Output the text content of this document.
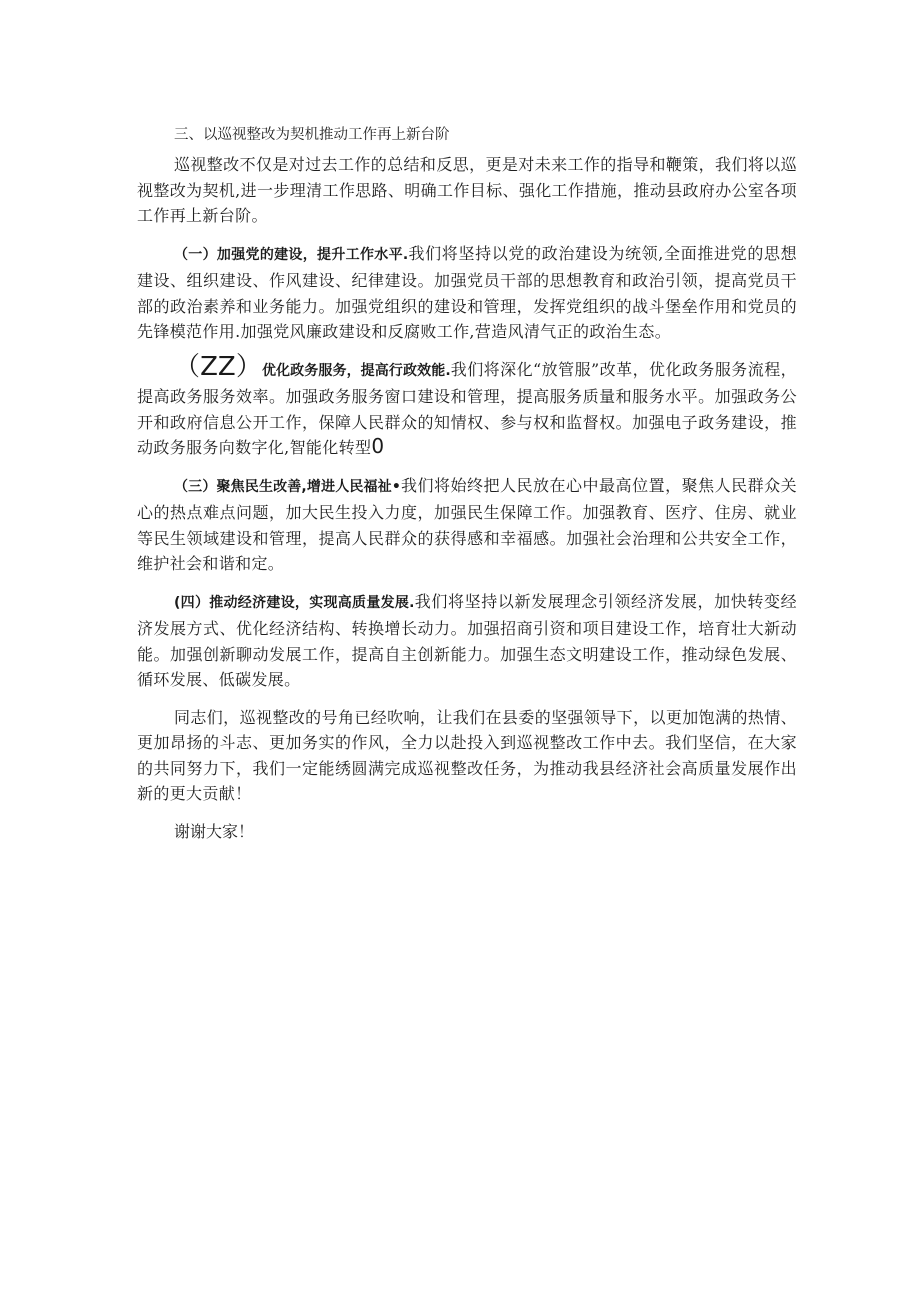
三、以巡视整改为契机推动工作再上新台阶

巡视整改不仅是对过去工作的总结和反思，更是对未来工作的指导和鞭策，我们将以巡视整改为契机,进一步理清工作思路、明确工作目标、强化工作措施，推动县政府办公室各项工作再上新台阶。

（一）加强党的建设，提升工作水平.我们将坚持以党的政治建设为统领,全面推进党的思想建设、组织建设、作风建设、纪律建设。加强党员干部的思想教育和政治引领，提高党员干部的政治素养和业务能力。加强党组织的建设和管理，发挥党组织的战斗堡垒作用和党员的先锋模范作用.加强党风廉政建设和反腐败工作,营造风清气正的政治生态。

（ZZ）优化政务服务，提高行政效能.我们将深化“放管服”改革，优化政务服务流程，提高政务服务效率。加强政务服务窗口建设和管理，提高服务质量和服务水平。加强政务公开和政府信息公开工作，保障人民群众的知情权、参与权和监督权。加强电子政务建设，推动政务服务向数字化,智能化转型0

（三）聚焦民生改善,增进人民福祉•我们将始终把人民放在心中最高位置，聚焦人民群众关心的热点难点问题，加大民生投入力度，加强民生保障工作。加强教育、医疗、住房、就业等民生领域建设和管理，提高人民群众的获得感和幸福感。加强社会治理和公共安全工作，维护社会和谐和定。

(四）推动经济建设，实现高质量发展.我们将坚持以新发展理念引领经济发展，加快转变经济发展方式、优化经济结构、转换增长动力。加强招商引资和项目建设工作，培育壮大新动能。加强创新聊动发展工作，提高自主创新能力。加强生态文明建设工作，推动绿色发展、循环发展、低碳发展。

同志们，巡视整改的号角已经吹响，让我们在县委的坚强领导下，以更加饱满的热情、更加昂扬的斗志、更加务实的作风，全力以赴投入到巡视整改工作中去。我们坚信，在大家的共同努力下，我们一定能绣圆满完成巡视整改任务，为推动我县经济社会高质量发展作出新的更大贡献！

谢谢大家！
